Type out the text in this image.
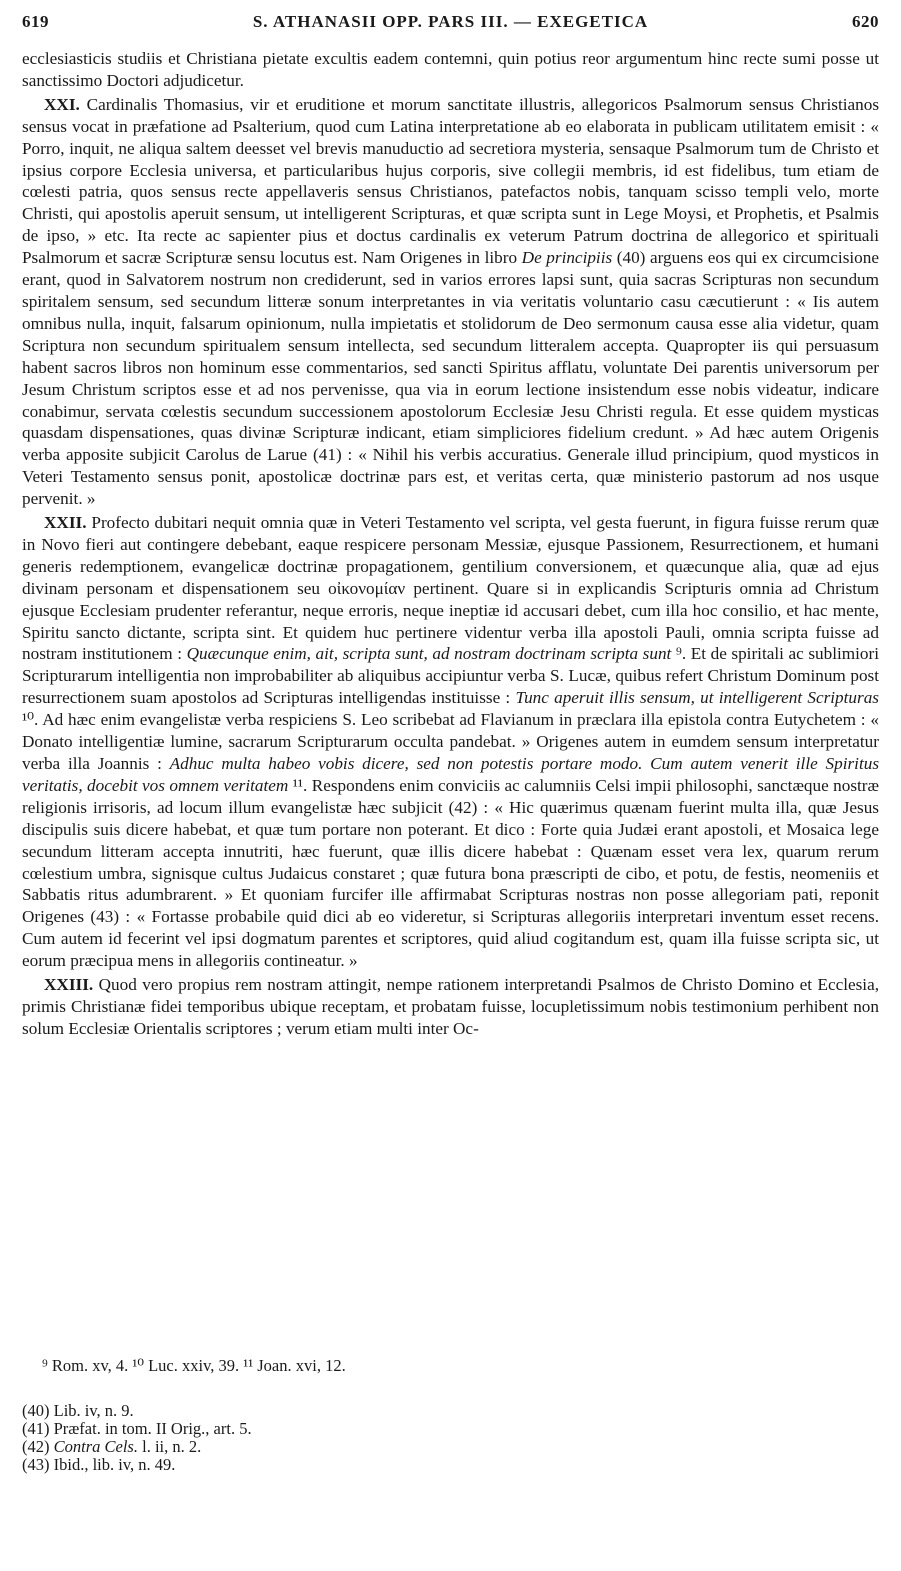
619	S. ATHANASII OPP. PARS III. — EXEGETICA	620

ecclesiasticis studiis et Christiana pietate excultis eadem contemni, quin potius reor argumentum hinc recte sumi posse ut sanctissimo Doctori adjudicetur.

XXI. Cardinalis Thomasius, vir et eruditione et morum sanctitate illustris, allegoricos Psalmorum sensus Christianos sensus vocat in præfatione ad Psalterium, quod cum Latina interpretatione ab eo elaborata in publicam utilitatem emisit : « Porro, inquit, ne aliqua saltem deesset vel brevis manuductio ad secretiora mysteria, sensaque Psalmorum tum de Christo et ipsius corpore Ecclesia universa, et particularibus hujus corporis, sive collegii membris, id est fidelibus, tum etiam de cœlesti patria, quos sensus recte appellaveris sensus Christianos, patefactos nobis, tanquam scisso templi velo, morte Christi, qui apostolis aperuit sensum, ut intelligerent Scripturas, et quæ scripta sunt in Lege Moysi, et Prophetis, et Psalmis de ipso, » etc. Ita recte ac sapienter pius et doctus cardinalis ex veterum Patrum doctrina de allegorico et spirituali Psalmorum et sacræ Scripturæ sensu locutus est. Nam Origenes in libro De principiis (40) arguens eos qui ex circumcisione erant, quod in Salvatorem nostrum non crediderunt, sed in varios errores lapsi sunt, quia sacras Scripturas non secundum spiritalem sensum, sed secundum litteræ sonum interpretantes in via veritatis voluntario casu cæcutierunt : « Iis autem omnibus nulla, inquit, falsarum opinionum, nulla impietatis et stolidorum de Deo sermonum causa esse alia videtur, quam Scriptura non secundum spiritualem sensum intellecta, sed secundum litteralem accepta. Quapropter iis qui persuasum habent sacros libros non hominum esse commentarios, sed sancti Spiritus afflatu, voluntate Dei parentis universorum per Jesum Christum scriptos esse et ad nos pervenisse, qua via in eorum lectione insistendum esse nobis videatur, indicare conabimur, servata cœlestis secundum successionem apostolorum Ecclesiæ Jesu Christi regula. Et esse quidem mysticas quasdam dispensationes, quas divinæ Scripturæ indicant, etiam simpliciores fidelium credunt. » Ad hæc autem Origenis verba apposite subjicit Carolus de Larue (41) : « Nihil his verbis accuratius. Generale illud principium, quod mysticos in Veteri Testamento sensus ponit, apostolicæ doctrinæ pars est, et veritas certa, quæ ministerio pastorum ad nos usque pervenit. »

XXII. Profecto dubitari nequit omnia quæ in Veteri Testamento vel scripta, vel gesta fuerunt, in figura fuisse rerum quæ in Novo fieri aut contingere debebant, eaque respicere personam Messiæ, ejusque Passionem, Resurrectionem, et humani generis redemptionem, evangelicæ doctrinæ propagationem, gentilium conversionem, et quæcunque alia, quæ ad ejus divinam personam et dispensationem seu οἰκονομίαν pertinent. Quare si in explicandis Scripturis omnia ad Christum ejusque Ecclesiam prudenter referantur, neque erroris, neque ineptiæ id accusari debet, cum illa hoc consilio, et hac mente, Spiritu sancto dictante, scripta sint. Et quidem huc pertinere videntur verba illa apostoli Pauli, omnia scripta fuisse ad nostram institutionem : Quæcunque enim, ait, scripta sunt, ad nostram doctrinam scripta sunt ⁹. Et de spiritali ac sublimiori Scripturarum intelligentia non improbabiliter ab aliquibus accipiuntur verba S. Lucæ, quibus refert Christum Dominum post resurrectionem suam apostolos ad Scripturas intelligendas instituisse : Tunc aperuit illis sensum, ut intelligerent Scripturas ¹⁰. Ad hæc enim evangelistæ verba respiciens S. Leo scribebat ad Flavianum in præclara illa epistola contra Eutychetem : « Donato intelligentiæ lumine, sacrarum Scripturarum occulta pandebat. » Origenes autem in eumdem sensum interpretatur verba illa Joannis : Adhuc multa habeo vobis dicere, sed non potestis portare modo. Cum autem venerit ille Spiritus veritatis, docebit vos omnem veritatem ¹¹. Respondens enim conviciis ac calumniis Celsi impii philosophi, sanctæque nostræ religionis irrisoris, ad locum illum evangelistæ hæc subjicit (42) : « Hic quærimus quænam fuerint multa illa, quæ Jesus discipulis suis dicere habebat, et quæ tum portare non poterant. Et dico : Forte quia Judæi erant apostoli, et Mosaica lege secundum litteram accepta innutriti, hæc fuerunt, quæ illis dicere habebat : Quænam esset vera lex, quarum rerum cœlestium umbra, signisque cultus Judaicus constaret ; quæ futura bona præscripti de cibo, et potu, de festis, neomeniis et Sabbatis ritus adumbrarent. » Et quoniam furcifer ille affirmabat Scripturas nostras non posse allegoriam pati, reponit Origenes (43) : « Fortasse probabile quid dici ab eo videretur, si Scripturas allegoriis interpretari inventum esset recens. Cum autem id fecerint vel ipsi dogmatum parentes et scriptores, quid aliud cogitandum est, quam illa fuisse scripta sic, ut eorum præcipua mens in allegoriis contineatur. »

XXIII. Quod vero propius rem nostram attingit, nempe rationem interpretandi Psalmos de Christo Domino et Ecclesia, primis Christianæ fidei temporibus ubique receptam, et probatam fuisse, locupletissimum nobis testimonium perhibent non solum Ecclesiæ Orientalis scriptores ; verum etiam multi inter Oc-

⁹ Rom. xv, 4. ¹⁰ Luc. xxiv, 39. ¹¹ Joan. xvi, 12.
(40) Lib. iv, n. 9.
(41) Præfat. in tom. II Orig., art. 5.
(42) Contra Cels. l. ii, n. 2.
(43) Ibid., lib. iv, n. 49.
